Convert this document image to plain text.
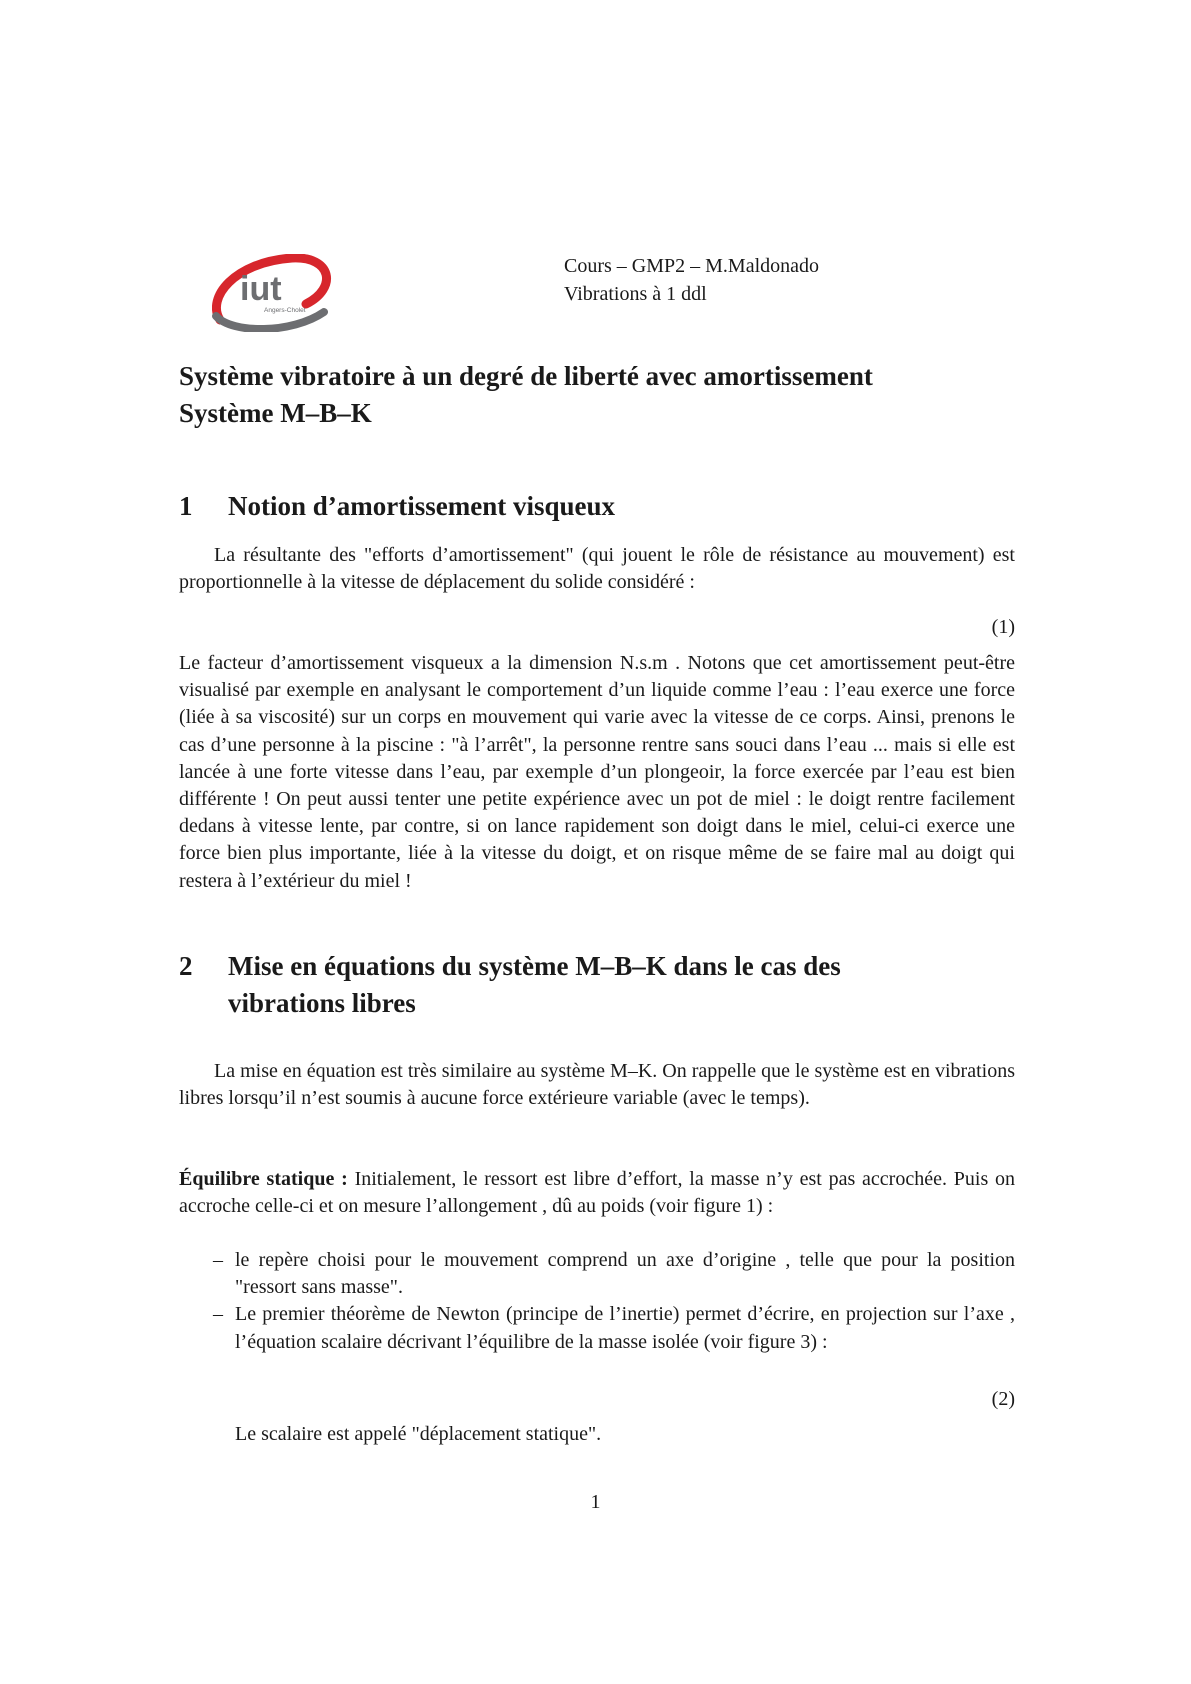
iut
Angers-Cholet
Cours – GMP2 – M.Maldonado
Vibrations à 1 ddl
Système vibratoire à un degré de liberté avec amortissement
Système M–B–K
1	Notion d’amortissement visqueux

La résultante des "efforts d’amortissement" (qui jouent le rôle de résistance au mouvement) est proportionnelle à la vitesse de déplacement du solide considéré :

(1)

Le facteur d’amortissement visqueux a la dimension N.s.m . Notons que cet amortissement peut-être visualisé par exemple en analysant le comportement d’un liquide comme l’eau : l’eau exerce une force (liée à sa viscosité) sur un corps en mouvement qui varie avec la vitesse de ce corps. Ainsi, prenons le cas d’une personne à la piscine : "à l’arrêt", la personne rentre sans souci dans l’eau ... mais si elle est lancée à une forte vitesse dans l’eau, par exemple d’un plongeoir, la force exercée par l’eau est bien différente ! On peut aussi tenter une petite expérience avec un pot de miel : le doigt rentre facilement dedans à vitesse lente, par contre, si on lance rapidement son doigt dans le miel, celui-ci exerce une force bien plus importante, liée à la vitesse du doigt, et on risque même de se faire mal au doigt qui restera à l’extérieur du miel !

2	Mise en équations du système M–B–K dans le cas des
vibrations libres

La mise en équation est très similaire au système M–K. On rappelle que le système est en vibrations libres lorsqu’il n’est soumis à aucune force extérieure variable (avec le temps).

Équilibre statique : Initialement, le ressort est libre d’effort, la masse n’y est pas accrochée. Puis on accroche celle-ci et on mesure l’allongement , dû au poids (voir figure 1) :

– le repère choisi pour le mouvement comprend un axe d’origine , telle que pour la position "ressort sans masse".
– Le premier théorème de Newton (principe de l’inertie) permet d’écrire, en projection sur l’axe , l’équation scalaire décrivant l’équilibre de la masse isolée (voir figure 3) :
(2)

Le scalaire est appelé "déplacement statique".

1
